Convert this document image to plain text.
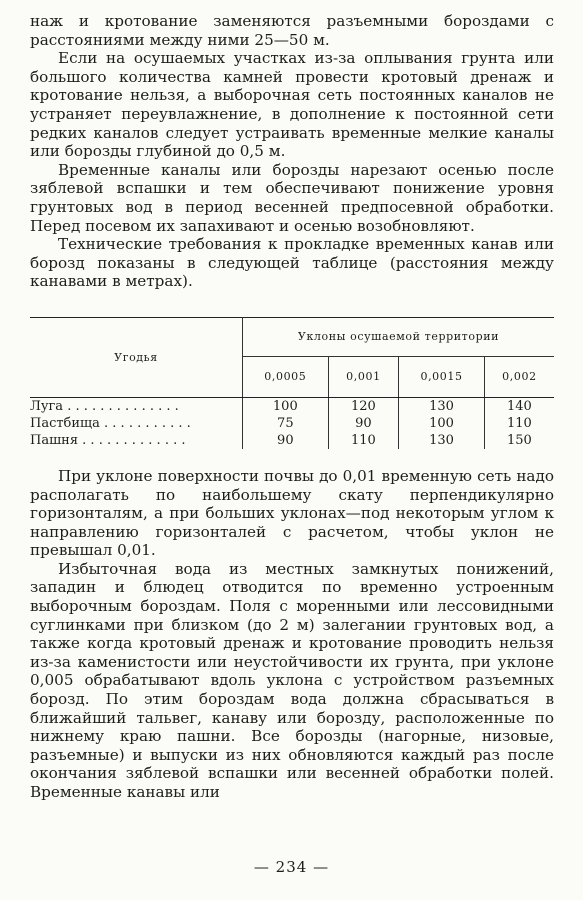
наж и кротование заменяются разъемными бороздами с расстояниями между ними 25—50 м.

Если на осушаемых участках из-за оплывания грунта или большого количества камней провести кротовый дренаж и кротование нельзя, а выборочная сеть постоянных каналов не устраняет переувлажнение, в дополнение к постоянной сети редких каналов следует устраивать временные мелкие каналы или борозды глубиной до 0,5 м.

Временные каналы или борозды нарезают осенью после зяблевой вспашки и тем обеспечивают понижение уровня грунтовых вод в период весенней предпосевной обработки. Перед посевом их запахивают и осенью возобновляют.

Технические требования к прокладке временных канав или борозд показаны в следующей таблице (расстояния между канавами в метрах).

Угодья	Уклоны осушаемой территории			
	0,0005	0,001	0,0015	0,002
Луга . . . . . . . . . . . . . .	100	120	130	140
Пастбища . . . . . . . . . . .	75	90	100	110
Пашня . . . . . . . . . . . . .	90	110	130	150

При уклоне поверхности почвы до 0,01 временную сеть надо располагать по наибольшему скату перпендикулярно горизонталям, а при больших уклонах—под некоторым углом к направлению горизонталей с расчетом, чтобы уклон не превышал 0,01.

Избыточная вода из местных замкнутых понижений, западин и блюдец отводится по временно устроенным выборочным бороздам. Поля с моренными или лессовидными суглинками при близком (до 2 м) залегании грунтовых вод, а также когда кротовый дренаж и кротование проводить нельзя из-за каменистости или неустойчивости их грунта, при уклоне 0,005 обрабатывают вдоль уклона с устройством разъемных борозд. По этим бороздам вода должна сбрасываться в ближайший тальвег, канаву или борозду, расположенные по нижнему краю пашни. Все борозды (нагорные, низовые, разъемные) и выпуски из них обновляются каждый раз после окончания зяблевой вспашки или весенней обработки полей. Временные канавы или

— 234 —
